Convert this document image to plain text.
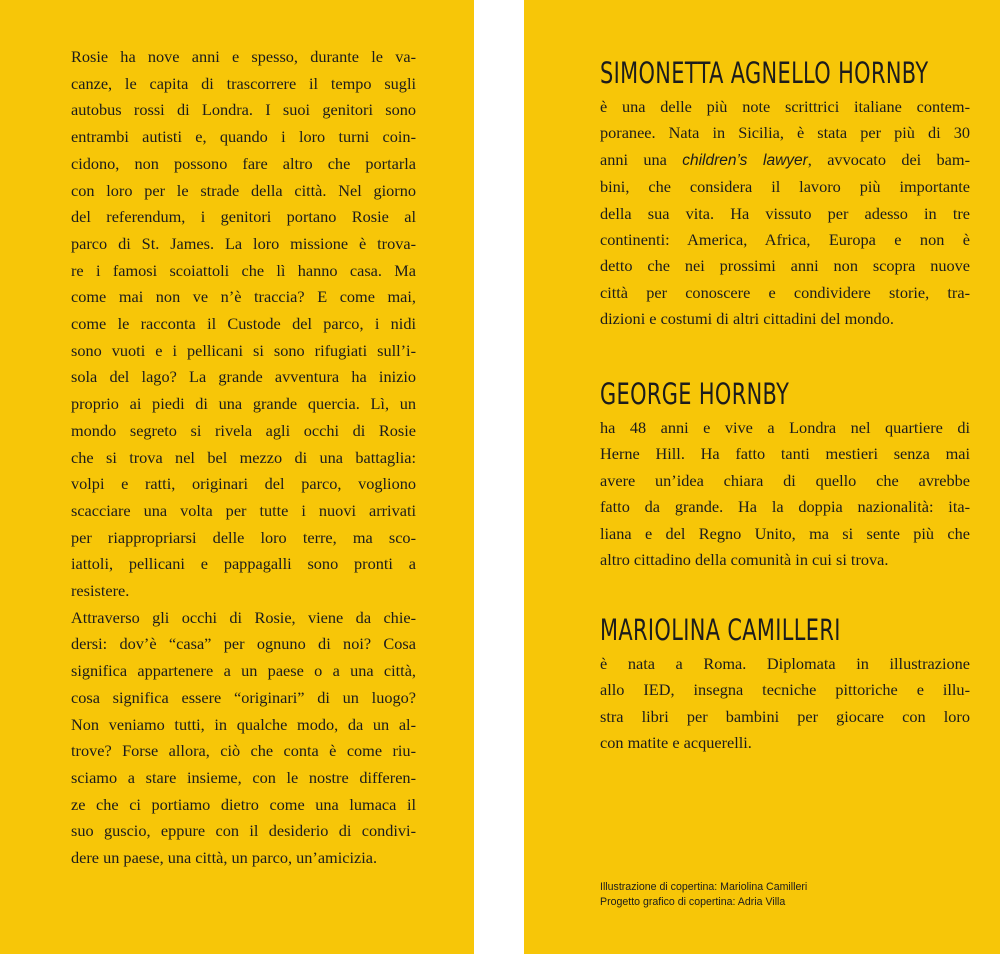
Rosie ha nove anni e spesso, durante le va-
canze, le capita di trascorrere il tempo sugli
autobus rossi di Londra. I suoi genitori sono
entrambi autisti e, quando i loro turni coin-
cidono, non possono fare altro che portarla
con loro per le strade della città. Nel giorno
del referendum, i genitori portano Rosie al
parco di St. James. La loro missione è trova-
re i famosi scoiattoli che lì hanno casa. Ma
come mai non ve n’è traccia? E come mai,
come le racconta il Custode del parco, i nidi
sono vuoti e i pellicani si sono rifugiati sull’i-
sola del lago? La grande avventura ha inizio
proprio ai piedi di una grande quercia. Lì, un
mondo segreto si rivela agli occhi di Rosie
che si trova nel bel mezzo di una battaglia:
volpi e ratti, originari del parco, vogliono
scacciare una volta per tutte i nuovi arrivati
per riappropriarsi delle loro terre, ma sco-
iattoli, pellicani e pappagalli sono pronti a
resistere.
Attraverso gli occhi di Rosie, viene da chie-
dersi: dov’è “casa” per ognuno di noi? Cosa
significa appartenere a un paese o a una città,
cosa significa essere “originari” di un luogo?
Non veniamo tutti, in qualche modo, da un al-
trove? Forse allora, ciò che conta è come riu-
sciamo a stare insieme, con le nostre differen-
ze che ci portiamo dietro come una lumaca il
suo guscio, eppure con il desiderio di condivi-
dere un paese, una città, un parco, un’amicizia.
SIMONETTA AGNELLO HORNBY
è una delle più note scrittrici italiane contem-
poranee. Nata in Sicilia, è stata per più di 30
anni una children’s lawyer, avvocato dei bam-
bini, che considera il lavoro più importante
della sua vita. Ha vissuto per adesso in tre
continenti: America, Africa, Europa e non è
detto che nei prossimi anni non scopra nuove
città per conoscere e condividere storie, tra-
dizioni e costumi di altri cittadini del mondo.
GEORGE HORNBY
ha 48 anni e vive a Londra nel quartiere di
Herne Hill. Ha fatto tanti mestieri senza mai
avere un’idea chiara di quello che avrebbe
fatto da grande. Ha la doppia nazionalità: ita-
liana e del Regno Unito, ma si sente più che
altro cittadino della comunità in cui si trova.
MARIOLINA CAMILLERI
è nata a Roma. Diplomata in illustrazione
allo IED, insegna tecniche pittoriche e illu-
stra libri per bambini per giocare con loro
con matite e acquerelli.
Illustrazione di copertina: Mariolina Camilleri
Progetto grafico di copertina: Adria Villa
